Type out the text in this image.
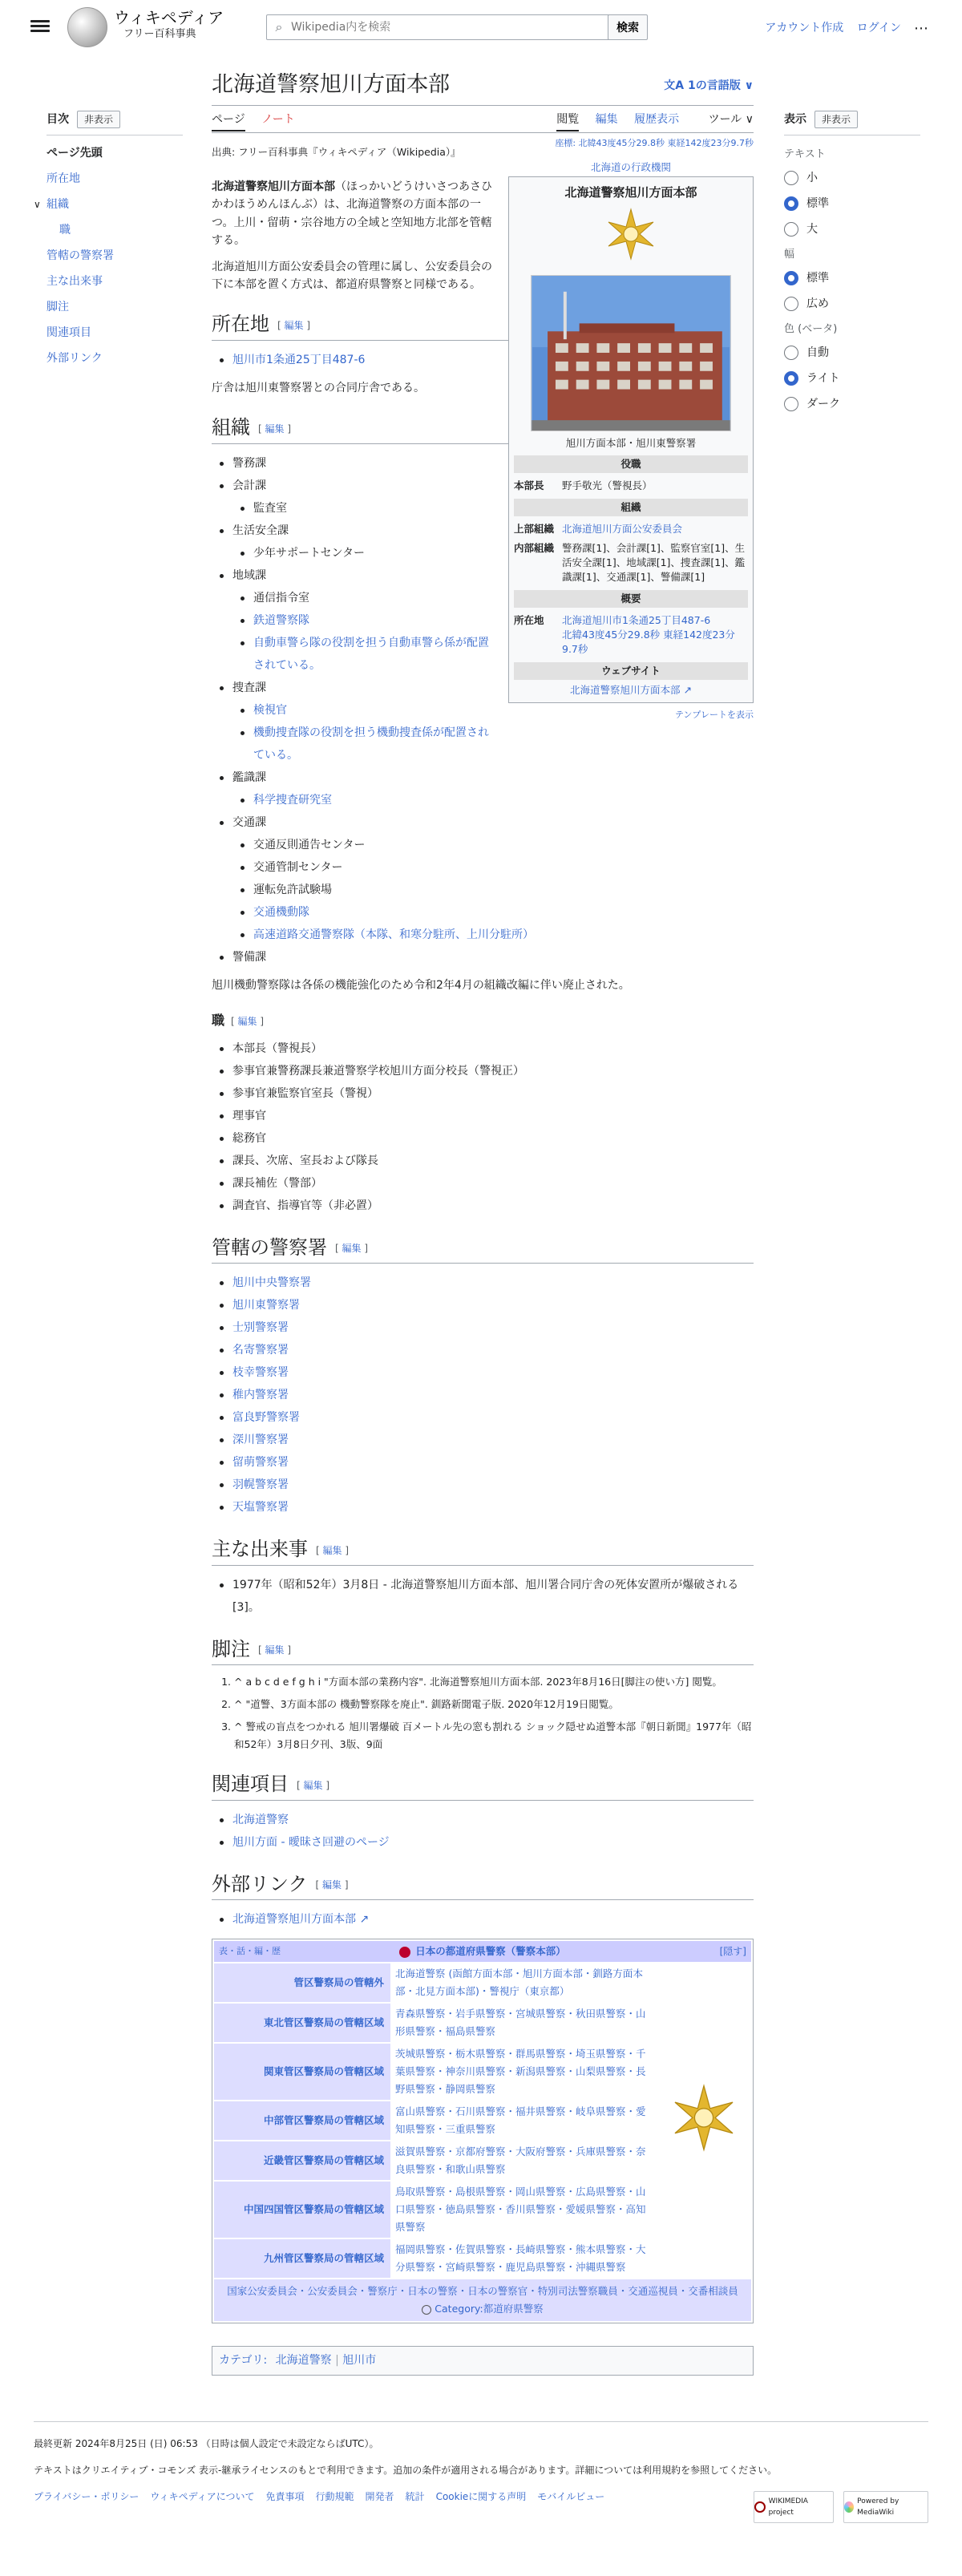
ウィキペディア
フリー百科事典	⌕
Wikipedia内を検索	検索	アカウント作成 ログイン ⋯
目次	非表示
ページ先頭
所在地
∨ 組織
職
管轄の警察署
主な出来事
脚注
関連項目
外部リンク
表示	非表示
テキスト
小
標準
大
幅
標準
広め
色 (ベータ)
自動
ライト
ダーク
北海道警察旭川方面本部	文A 1の言語版 ∨
ページ ノート	閲覧 編集 履歴表示	ツール ∨
座標: 北緯43度45分29.8秒 東経142度23分9.7秒
出典: フリー百科事典『ウィキペディア（Wikipedia）』
北海道の行政機関
北海道警察旭川方面本部
旭川方面本部・旭川東警察署
役職
本部長	野手敬光（警視長）
組織
上部組織 北海道旭川方面公安委員会
内部組織 警務課[1]、会計課[1]、監察官室[1]、生活安全課[1]、地域課[1]、捜査課[1]、鑑識課[1]、交通課[1]、警備課[1]
概要
所在地	北海道旭川市1条通25丁目487-6
北緯43度45分29.8秒 東経142度23分9.7秒
ウェブサイト
北海道警察旭川方面本部 ↗
テンプレートを表示

北海道警察旭川方面本部（ほっかいどうけいさつあさひかわほうめんほんぶ）は、北海道警察の方面本部の一つ。上川・留萌・宗谷地方の全域と空知地方北部を管轄する。

北海道旭川方面公安委員会の管理に属し、公安委員会の下に本部を置く方式は、都道府県警察と同様である。

所在地 [ 編集 ]
旭川市1条通25丁目487-6

庁舎は旭川東警察署との合同庁舎である。

組織 [ 編集 ]
警務課
会計課
監査室
生活安全課
少年サポートセンター
地域課
通信指令室
鉄道警察隊
自動車警ら隊の役割を担う自動車警ら係が配置されている。
捜査課
検視官
機動捜査隊の役割を担う機動捜査係が配置されている。
鑑識課
科学捜査研究室
交通課
交通反則通告センター
交通管制センター
運転免許試験場
交通機動隊
高速道路交通警察隊（本隊、和寒分駐所、上川分駐所）
警備課

旭川機動警察隊は各係の機能強化のため令和2年4月の組織改編に伴い廃止された。

職 [ 編集 ]
本部長（警視長）
参事官兼警務課長兼道警察学校旭川方面分校長（警視正）
参事官兼監察官室長（警視）
理事官
総務官
課長、次席、室長および隊長
課長補佐（警部）
調査官、指導官等（非必置）
管轄の警察署 [ 編集 ]
旭川中央警察署
旭川東警察署
士別警察署
名寄警察署
枝幸警察署
稚内警察署
富良野警察署
深川警察署
留萌警察署
羽幌警察署
天塩警察署
主な出来事 [ 編集 ]
1977年（昭和52年）3月8日 - 北海道警察旭川方面本部、旭川署合同庁舎の死体安置所が爆破される[3]。
脚注 [ 編集 ]
1. ^ a b c d e f g h i "方面本部の業務内容". 北海道警察旭川方面本部. 2023年8月16日[脚注の使い方] 閲覧。
2. ^ "道警、3方面本部の 機動警察隊を廃止". 釧路新聞電子版. 2020年12月19日閲覧。
3. ^ 警戒の盲点をつかれる 旭川署爆破 百メートル先の窓も割れる ショック隠せぬ道警本部『朝日新聞』1977年（昭和52年）3月8日夕刊、3版、9面
関連項目 [ 編集 ]
北海道警察
旭川方面 - 曖昧さ回避のページ
外部リンク [ 編集 ]
北海道警察旭川方面本部 ↗
表・話・編・歴	日本の都道府県警察（警察本部）	[隠す]
管区警察局の管轄外
北海道警察 (函館方面本部・旭川方面本部・釧路方面本部・北見方面本部)・警視庁（東京都）
東北管区警察局の管轄区域
青森県警察・岩手県警察・宮城県警察・秋田県警察・山形県警察・福島県警察
関東管区警察局の管轄区域
茨城県警察・栃木県警察・群馬県警察・埼玉県警察・千葉県警察・神奈川県警察・新潟県警察・山梨県警察・長野県警察・静岡県警察
中部管区警察局の管轄区域
富山県警察・石川県警察・福井県警察・岐阜県警察・愛知県警察・三重県警察
近畿管区警察局の管轄区域
滋賀県警察・京都府警察・大阪府警察・兵庫県警察・奈良県警察・和歌山県警察
中国四国管区警察局の管轄区域
鳥取県警察・島根県警察・岡山県警察・広島県警察・山口県警察・徳島県警察・香川県警察・愛媛県警察・高知県警察
九州管区警察局の管轄区域
福岡県警察・佐賀県警察・長崎県警察・熊本県警察・大分県警察・宮崎県警察・鹿児島県警察・沖縄県警察
国家公安委員会・公安委員会・警察庁・日本の警察・日本の警察官・特別司法警察職員・交通巡視員・交番相談員
Category:都道府県警察
カテゴリ: 北海道警察 | 旭川市
最終更新 2024年8月25日 (日) 06:53 （日時は個人設定で未設定ならばUTC）。
テキストはクリエイティブ・コモンズ 表示-継承ライセンスのもとで利用できます。追加の条件が適用される場合があります。詳細については利用規約を参照してください。
プライバシー・ポリシー ウィキペディアについて 免責事項 行動規範 開発者 統計 Cookieに関する声明 モバイルビュー	WIKIMEDIA project
Powered by MediaWiki
